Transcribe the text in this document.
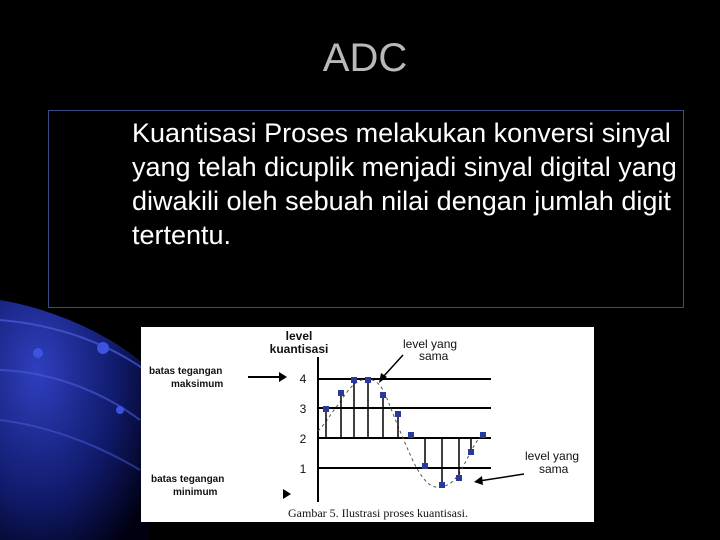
ADC
Kuantisasi Proses melakukan konversi sinyal yang telah dicuplik menjadi sinyal digital yang diwakili oleh sebuah nilai dengan jumlah digit tertentu.
level
kuantisasi
4
3
2
1
batas tegangan
maksimum
batas tegangan
minimum
level yang
sama
level yang
sama
Gambar 5. Ilustrasi proses kuantisasi.
